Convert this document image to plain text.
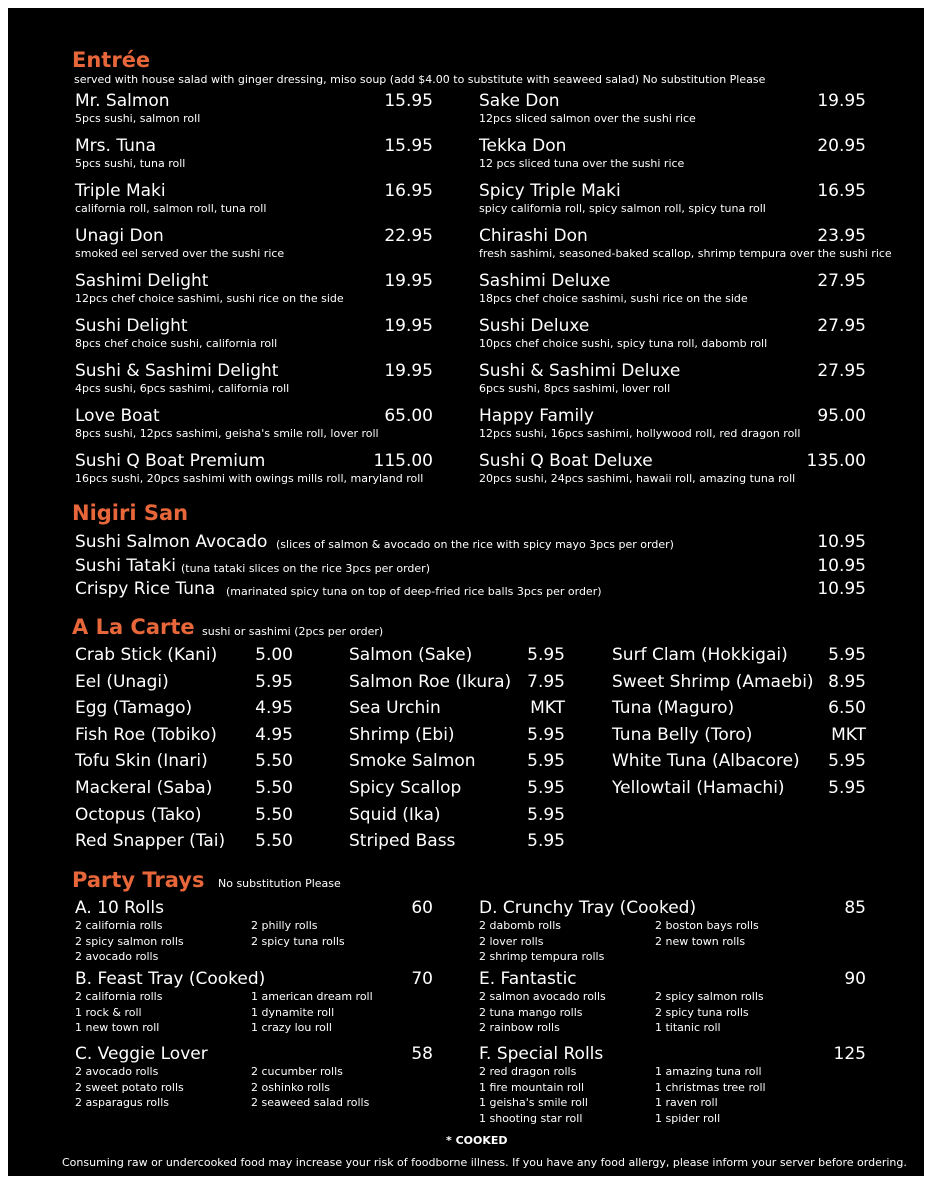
Entrée
served with house salad with ginger dressing, miso soup (add $4.00 to substitute with seaweed salad) No substitution Please
Mr. Salmon	15.95
5pcs sushi, salmon roll
Mrs. Tuna	15.95
5pcs sushi, tuna roll
Triple Maki	16.95
california roll, salmon roll, tuna roll
Unagi Don	22.95
smoked eel served over the sushi rice
Sashimi Delight	19.95
12pcs chef choice sashimi, sushi rice on the side
Sushi Delight	19.95
8pcs chef choice sushi, california roll
Sushi & Sashimi Delight	19.95
4pcs sushi, 6pcs sashimi, california roll
Love Boat	65.00
8pcs sushi, 12pcs sashimi, geisha's smile roll, lover roll
Sushi Q Boat Premium	115.00
16pcs sushi, 20pcs sashimi with owings mills roll, maryland roll
Sake Don	19.95
12pcs sliced salmon over the sushi rice
Tekka Don	20.95
12 pcs sliced tuna over the sushi rice
Spicy Triple Maki	16.95
spicy california roll, spicy salmon roll, spicy tuna roll
Chirashi Don	23.95
fresh sashimi, seasoned-baked scallop, shrimp tempura over the sushi rice
Sashimi Deluxe	27.95
18pcs chef choice sashimi, sushi rice on the side
Sushi Deluxe	27.95
10pcs chef choice sushi, spicy tuna roll, dabomb roll
Sushi & Sashimi Deluxe	27.95
6pcs sushi, 8pcs sashimi, lover roll
Happy Family	95.00
12pcs sushi, 16pcs sashimi, hollywood roll, red dragon roll
Sushi Q Boat Deluxe	135.00
20pcs sushi, 24pcs sashimi, hawaii roll, amazing tuna roll
Nigiri San
Sushi Salmon Avocado	10.95
Sushi Tataki	10.95
Crispy Rice Tuna	10.95
(slices of salmon & avocado on the rice with spicy mayo 3pcs per order)
(tuna tataki slices on the rice 3pcs per order)
(marinated spicy tuna on top of deep-fried rice balls 3pcs per order)
A La Carte sushi or sashimi (2pcs per order)
Crab Stick (Kani)	5.00
Eel (Unagi)	5.95
Egg (Tamago)	4.95
Fish Roe (Tobiko)	4.95
Tofu Skin (Inari)	5.50
Mackeral (Saba)	5.50
Octopus (Tako)	5.50
Red Snapper (Tai)	5.50
Salmon (Sake)	5.95
Salmon Roe (Ikura) 7.95
Sea Urchin	MKT
Shrimp (Ebi)	5.95
Smoke Salmon	5.95
Spicy Scallop	5.95
Squid (Ika)	5.95
Striped Bass	5.95
Surf Clam (Hokkigai)	5.95
Sweet Shrimp (Amaebi) 8.95
Tuna (Maguro)	6.50
Tuna Belly (Toro)	MKT
White Tuna (Albacore)	5.95
Yellowtail (Hamachi)	5.95
Party Trays No substitution Please
A. 10 Rolls	60
2 california rolls
2 spicy salmon rolls
2 avocado rolls
2 philly rolls
2 spicy tuna rolls
B. Feast Tray (Cooked)	70
2 california rolls
1 rock & roll
1 new town roll
1 american dream roll
1 dynamite roll
1 crazy lou roll
C. Veggie Lover	58
2 avocado rolls
2 sweet potato rolls
2 asparagus rolls
2 cucumber rolls
2 oshinko rolls
2 seaweed salad rolls
D. Crunchy Tray (Cooked)	85
2 dabomb rolls
2 lover rolls
2 shrimp tempura rolls
2 boston bays rolls
2 new town rolls
E. Fantastic	90
2 salmon avocado rolls
2 tuna mango rolls
2 rainbow rolls
2 spicy salmon rolls
2 spicy tuna rolls
1 titanic roll
F. Special Rolls	125
2 red dragon rolls
1 fire mountain roll
1 geisha's smile roll
1 shooting star roll
1 amazing tuna roll
1 christmas tree roll
1 raven roll
1 spider roll
* COOKED
Consuming raw or undercooked food may increase your risk of foodborne illness. If you have any food allergy, please inform your server before ordering.
